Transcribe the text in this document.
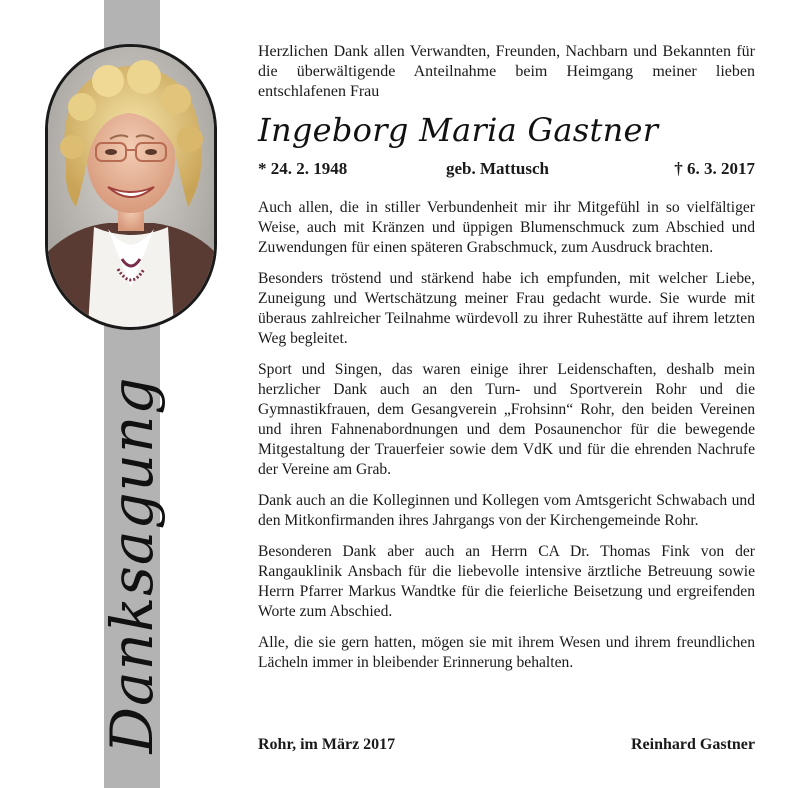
Danksagung

Herzlichen Dank allen Verwandten, Freunden, Nachbarn und Bekannten für die überwältigende Anteilnahme beim Heimgang meiner lieben entschlafenen Frau

Ingeborg Maria Gastner
* 24. 2. 1948	geb. Mattusch	† 6. 3. 2017

Auch allen, die in stiller Verbundenheit mir ihr Mitgefühl in so vielfältiger Weise, auch mit Kränzen und üppigen Blumenschmuck zum Abschied und Zuwendungen für einen späteren Grabschmuck, zum Ausdruck brachten.

Besonders tröstend und stärkend habe ich empfunden, mit welcher Liebe, Zuneigung und Wertschätzung meiner Frau gedacht wurde. Sie wurde mit überaus zahlreicher Teilnahme würdevoll zu ihrer Ruhestätte auf ihrem letzten Weg begleitet.

Sport und Singen, das waren einige ihrer Leidenschaften, deshalb mein herzlicher Dank auch an den Turn- und Sportverein Rohr und die Gymnastikfrauen, dem Gesangverein „Frohsinn“ Rohr, den beiden Vereinen und ihren Fahnenabordnungen und dem Posaunenchor für die bewegende Mitgestaltung der Trauerfeier sowie dem VdK und für die ehrenden Nachrufe der Vereine am Grab.

Dank auch an die Kolleginnen und Kollegen vom Amtsgericht Schwabach und den Mitkonfirmanden ihres Jahrgangs von der Kirchengemeinde Rohr.

Besonderen Dank aber auch an Herrn CA Dr. Thomas Fink von der Rangauklinik Ansbach für die liebevolle intensive ärztliche Betreuung sowie Herrn Pfarrer Markus Wandtke für die feierliche Beisetzung und ergreifenden Worte zum Abschied.

Alle, die sie gern hatten, mögen sie mit ihrem Wesen und ihrem freundlichen Lächeln immer in bleibender Erinnerung behalten.

Rohr, im März 2017	Reinhard Gastner
